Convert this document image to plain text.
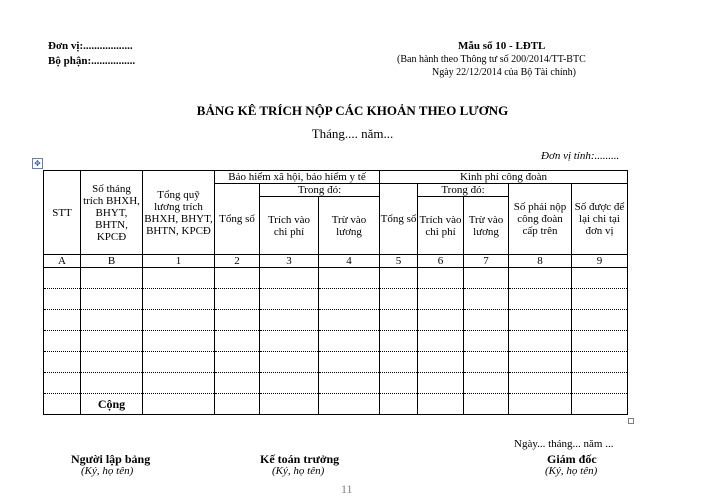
Đơn vị:..................
Bộ phận:................
Mẫu số 10 - LĐTL
(Ban hành theo Thông tư số 200/2014/TT-BTC
Ngày 22/12/2014 của Bộ Tài chính)
BẢNG KÊ TRÍCH NỘP CÁC KHOẢN THEO LƯƠNG
Tháng.... năm...
Đơn vị tính:.........
✥
STT	Số tháng trích BHXH, BHYT, BHTN, KPCĐ	Tổng quỹ lương trích BHXH, BHYT, BHTN, KPCĐ	Bảo hiểm xã hội, bảo hiểm y tế			Kinh phí công đoàn				
			Tổng số	Trong đó:		Tổng số	Trong đó:		Số phải nộp công đoàn cấp trên	Số được để lại chi tại đơn vị
				Trích vào chi phí	Trừ vào lương		Trích vào chi phí	Trừ vào lương		
A	B	1	2	3	4	5	6	7	8	9

	Cộng									
Ngày... tháng... năm ...
Người lập bảng
(Ký, họ tên)
Kế toán trưởng
(Ký, họ tên)
Giám đốc
(Ký, họ tên)
11
